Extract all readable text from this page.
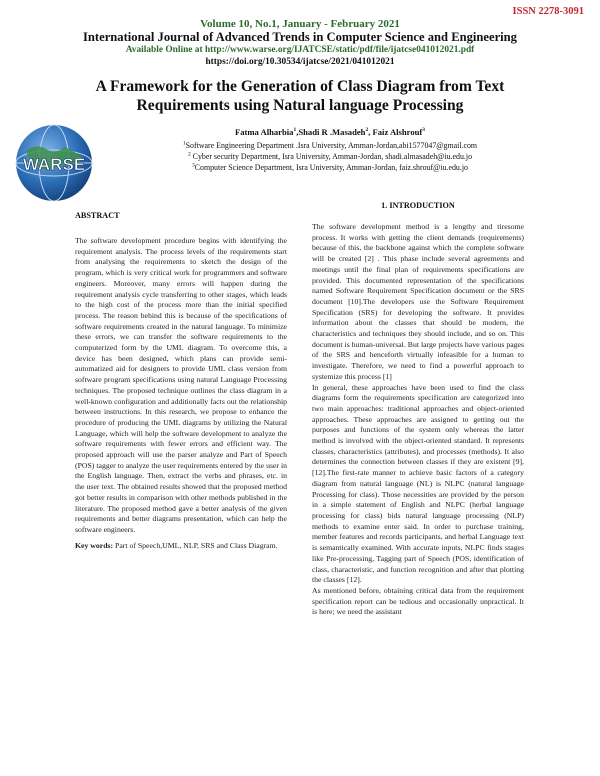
ISSN 2278-3091
Volume 10, No.1, January - February 2021
International Journal of Advanced Trends in Computer Science and Engineering
Available Online at http://www.warse.org/IJATCSE/static/pdf/file/ijatcse041012021.pdf
https://doi.org/10.30534/ijatcse/2021/041012021
A Framework for the Generation of Class Diagram from Text Requirements using Natural language Processing
WARSE
Fatma Alharbia$^1$,Shadi R .Masadeh$^2$, Faiz Alshrouf$^3$
$^1$Software Engineering Department .Isra University, Amman-Jordan,abi1577047@gmail.com
$^2$ Cyber security Department, Isra University, Amman-Jordan, shadi.almasadeh@iu.edu.jo
$^3$Computer Science Department, Isra University, Amman-Jordan, faiz.shrouf@iu.edu.jo
ABSTRACT

The software development procedure begins with identifying the requirement analysis. The process levels of the requirements start from analysing the requirements to sketch the design of the program, which is very critical work for programmers and software engineers. Moreover, many errors will happen during the requirement analysis cycle transferring to other stages, which leads to the high cost of the process more than the initial specified process. The reason behind this is because of the specifications of software requirements created in the natural language. To minimize these errors, we can transfer the software requirements to the computerized form by the UML diagram. To overcome this, a device has been designed, which plans can provide semi-automatized aid for designers to provide UML class version from software program specifications using natural Language Processing techniques. The proposed technique outlines the class diagram in a well-known configuration and additionally facts out the relationship between instructions. In this research, we propose to enhance the procedure of producing the UML diagrams by utilizing the Natural Language, which will help the software development to analyze the software requirements with fewer errors and efficient way. The proposed approach will use the parser analyze and Part of Speech (POS) tagger to analyze the user requirements entered by the user in the English language. Then, extract the verbs and phrases, etc. in the user text. The obtained results showed that the proposed method got better results in comparison with other methods published in the literature. The proposed method gave a better analysis of the given requirements and better diagrams presentation, which can help the software engineers.

Key words: Part of Speech,UML, NLP, SRS and Class Diagram.

1. INTRODUCTION

The software development method is a lengthy and tiresome process. It works with getting the client demands (requirements) because of this, the backbone against which the complete software will be created [2] . This phase include several agreements and meetings until the final plan of requirements specifications are provided. This documented representation of the specifications named Software Requirement Specification document or the SRS document [10].The developers use the Software Requirement Specification (SRS) for developing the software. It provides information about the classes that should be modern, the characteristics and techniques they should include, and so on. This document is human-universal. But large projects have various pages of the SRS and henceforth virtually infeasible for a human to investigate. Therefore, we need to find a powerful approach to systemize this process [1]

In general, these approaches have been used to find the class diagrams form the requirements specification are categorized into two main approaches: traditional approaches and object-oriented approaches. These approaches are assigned to getting out the purposes and functions of the system only whereas the latter method is involved with the object-oriented standard. It represents classes, characteristics (attributes), and processes (methods). It also determines the connection between classes if they are existent [9], [12].The first-rate manner to achieve basic factors of a category diagram from natural language (NL) is NLPC (natural language Processing for class). Those necessities are provided by the person in a simple statement of English and NLPC (herbal language processing for class) bids natural language processing (NLP) methods to examine enter said. In order to purchase training, member features and records participants, and herbal Language text is semantically examined. With accurate inputs, NLPC finds stages like Pre-processing, Tagging part of Speech (POS, identification of class, characteristic, and function recognition and after that plotting the classes [12].

As mentioned before, obtaining critical data from the requirement specification report can be tedious and occasionally unpractical. It is here; we need the assistant
